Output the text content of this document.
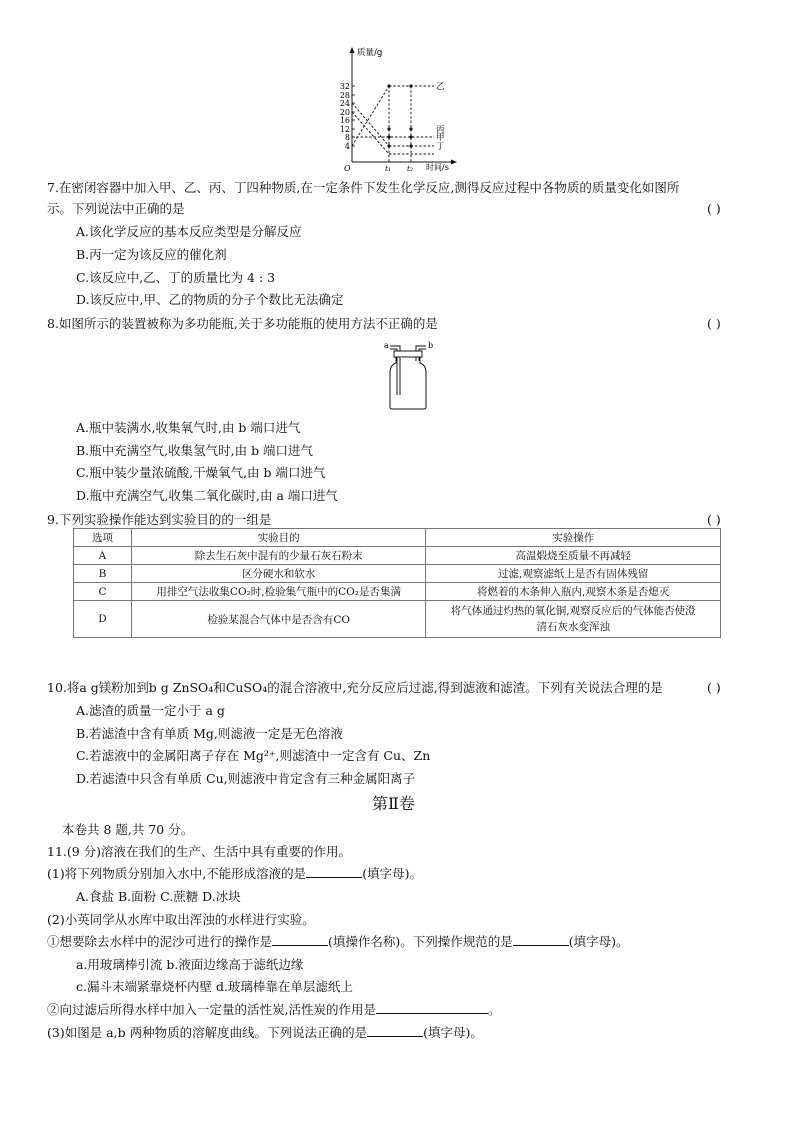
质量/g
时间/s
O
32
28
24
20
16
12
8
4
t₁ t₂
乙
丙
甲
丁
7.在密闭容器中加入甲、乙、丙、丁四种物质,在一定条件下发生化学反应,测得反应过程中各物质的质量变化如图所
示。下列说法中正确的是	( )
A.该化学反应的基本反应类型是分解反应
B.丙一定为该反应的催化剂
C.该反应中,乙、丁的质量比为 4 : 3
D.该反应中,甲、乙的物质的分子个数比无法确定
8.如图所示的装置被称为多功能瓶,关于多功能瓶的使用方法不正确的是	( )
a	b
A.瓶中装满水,收集氧气时,由 b 端口进气
B.瓶中充满空气,收集氢气时,由 b 端口进气
C.瓶中装少量浓硫酸,干燥氧气,由 b 端口进气
D.瓶中充满空气,收集二氧化碳时,由 a 端口进气
9.下列实验操作能达到实验目的的一组是	( )
选项	实验目的	实验操作
A	除去生石灰中混有的少量石灰石粉末	高温煅烧至质量不再减轻
B	区分硬水和软水	过滤,观察滤纸上是否有固体残留
C	用排空气法收集CO₂时,检验集气瓶中的CO₂是否集满	将燃着的木条伸入瓶内,观察木条是否熄灭
D	检验某混合气体中是否含有CO	将气体通过灼热的氧化铜,观察反应后的气体能否使澄
清石灰水变浑浊
10.将a g镁粉加到b g ZnSO₄和CuSO₄的混合溶液中,充分反应后过滤,得到滤液和滤渣。下列有关说法合理的是	( )
A.滤渣的质量一定小于 a g
B.若滤渣中含有单质 Mg,则滤液一定是无色溶液
C.若滤液中的金属阳离子存在 Mg²⁺,则滤渣中一定含有 Cu、Zn
D.若滤渣中只含有单质 Cu,则滤液中肯定含有三种金属阳离子
第Ⅱ卷
本卷共 8 题,共 70 分。
11.(9 分)溶液在我们的生产、生活中具有重要的作用。
(1)将下列物质分别加入水中,不能形成溶液的是	(填字母)。
A.食盐 B.面粉 C.蔗糖 D.冰块
(2)小英同学从水库中取出浑浊的水样进行实验。
①想要除去水样中的泥沙可进行的操作是	(填操作名称)。下列操作规范的是	(填字母)。
a.用玻璃棒引流 b.液面边缘高于滤纸边缘
c.漏斗末端紧靠烧杯内壁 d.玻璃棒靠在单层滤纸上
②向过滤后所得水样中加入一定量的活性炭,活性炭的作用是	。
(3)如图是 a,b 两种物质的溶解度曲线。下列说法正确的是	(填字母)。
